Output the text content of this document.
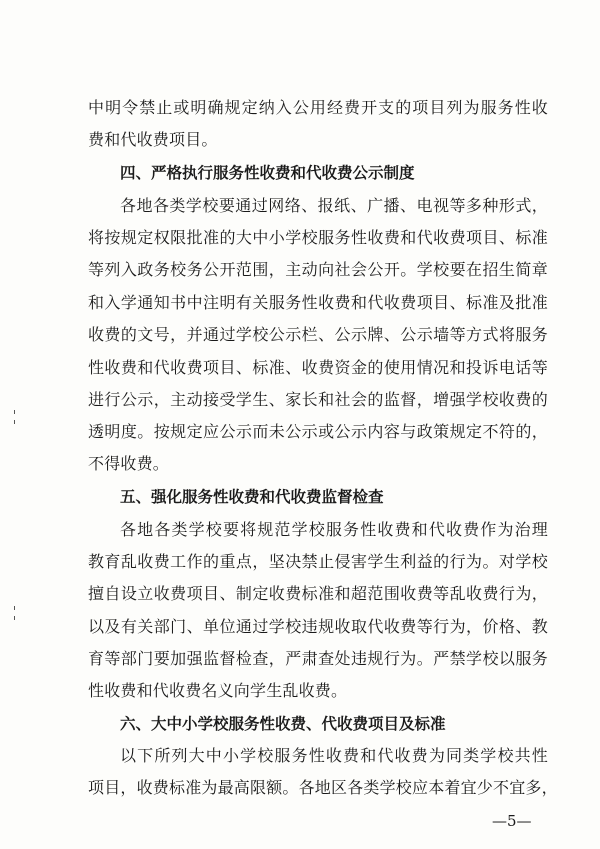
中明令禁止或明确规定纳入公用经费开支的项目列为服务性收
费和代收费项目。
四、严格执行服务性收费和代收费公示制度
各地各类学校要通过网络、报纸、广播、电视等多种形式，
将按规定权限批准的大中小学校服务性收费和代收费项目、标准
等列入政务校务公开范围，主动向社会公开。学校要在招生简章
和入学通知书中注明有关服务性收费和代收费项目、标准及批准
收费的文号，并通过学校公示栏、公示牌、公示墙等方式将服务
性收费和代收费项目、标准、收费资金的使用情况和投诉电话等
进行公示，主动接受学生、家长和社会的监督，增强学校收费的
透明度。按规定应公示而未公示或公示内容与政策规定不符的，
不得收费。
五、强化服务性收费和代收费监督检查
各地各类学校要将规范学校服务性收费和代收费作为治理
教育乱收费工作的重点，坚决禁止侵害学生利益的行为。对学校
擅自设立收费项目、制定收费标准和超范围收费等乱收费行为，
以及有关部门、单位通过学校违规收取代收费等行为，价格、教
育等部门要加强监督检查，严肃查处违规行为。严禁学校以服务
性收费和代收费名义向学生乱收费。
六、大中小学校服务性收费、代收费项目及标准
以下所列大中小学校服务性收费和代收费为同类学校共性
项目，收费标准为最高限额。各地区各类学校应本着宜少不宜多，
—5—
